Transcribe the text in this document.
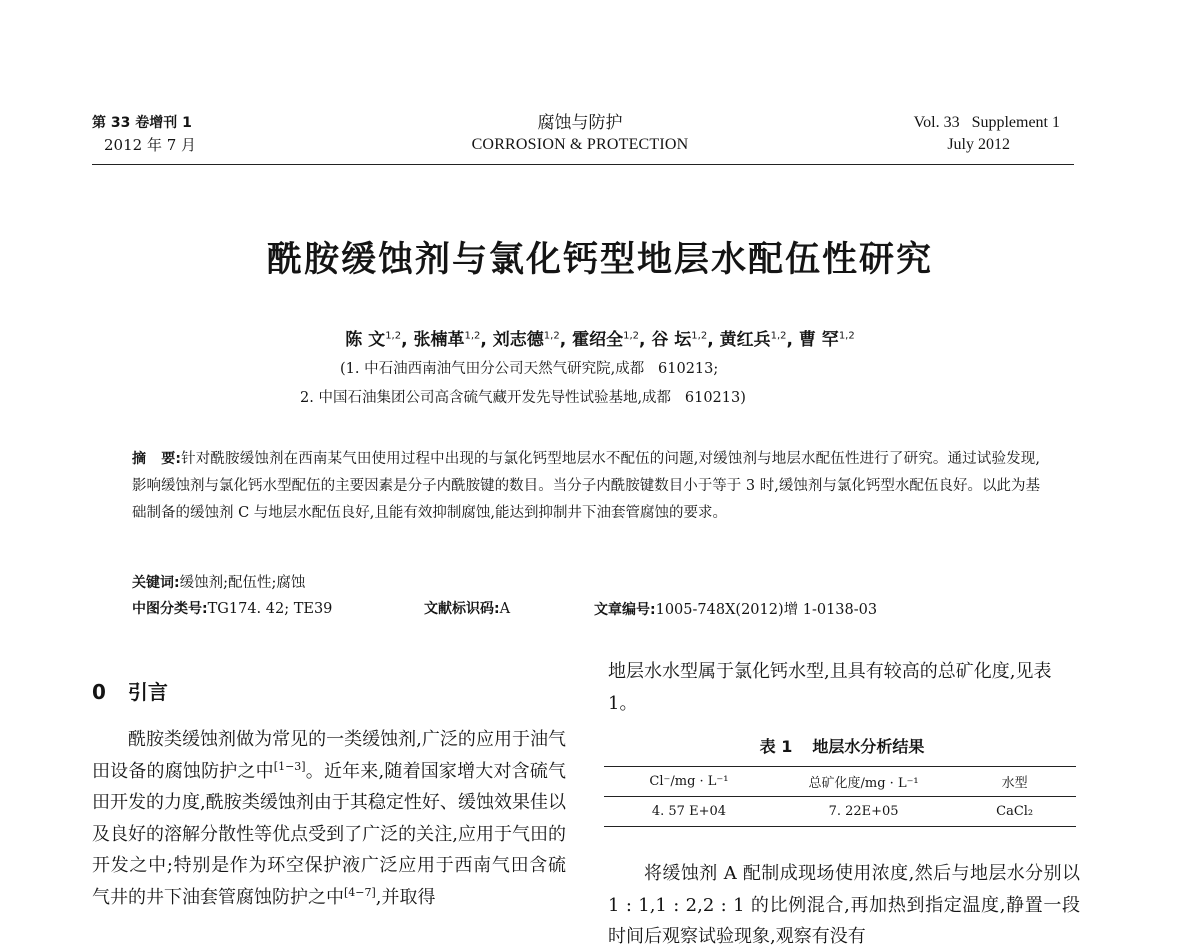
第 33 卷增刊 1
2012 年 7 月
腐蚀与防护
CORROSION & PROTECTION
Vol. 33   Supplement 1
July 2012
酰胺缓蚀剂与氯化钙型地层水配伍性研究
陈 文$^{1,2}$, 张楠革$^{1,2}$, 刘志德$^{1,2}$, 霍绍全$^{1,2}$, 谷 坛$^{1,2}$, 黄红兵$^{1,2}$, 曹 罕$^{1,2}$
(1. 中石油西南油气田分公司天然气研究院,成都   610213;
2. 中国石油集团公司高含硫气藏开发先导性试验基地,成都   610213)
摘   要:针对酰胺缓蚀剂在西南某气田使用过程中出现的与氯化钙型地层水不配伍的问题,对缓蚀剂与地层水配伍性进行了研究。通过试验发现,影响缓蚀剂与氯化钙水型配伍的主要因素是分子内酰胺键的数目。当分子内酰胺键数目小于等于 3 时,缓蚀剂与氯化钙型水配伍良好。以此为基础制备的缓蚀剂 C 与地层水配伍良好,且能有效抑制腐蚀,能达到抑制井下油套管腐蚀的要求。
关键词:缓蚀剂;配伍性;腐蚀
中图分类号:TG174. 42; TE39	文献标识码:A	文章编号:1005-748X(2012)增 1-0138-03
0 引言

酰胺类缓蚀剂做为常见的一类缓蚀剂,广泛的应用于油气田设备的腐蚀防护之中[1−3]。近年来,随着国家增大对含硫气田开发的力度,酰胺类缓蚀剂由于其稳定性好、缓蚀效果佳以及良好的溶解分散性等优点受到了广泛的关注,应用于气田的开发之中;特别是作为环空保护液广泛应用于西南气田含硫气井的井下油套管腐蚀防护之中[4−7],并取得

地层水水型属于氯化钙水型,且具有较高的总矿化度,见表 1。
表 1 地层水分析结果
Cl⁻/mg · L⁻¹	总矿化度/mg · L⁻¹	水型
4. 57 E+04	7. 22E+05	CaCl₂

将缓蚀剂 A 配制成现场使用浓度,然后与地层水分别以 1 : 1,1 : 2,2 : 1 的比例混合,再加热到指定温度,静置一段时间后观察试验现象,观察有没有
